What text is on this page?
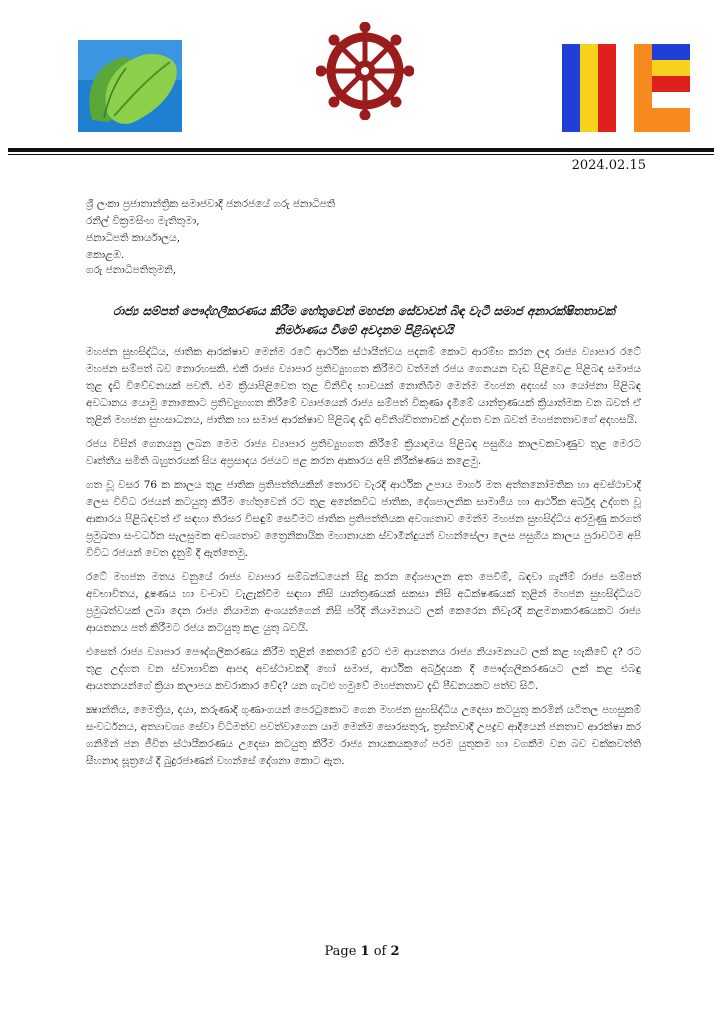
2024.02.15
ශ්‍රී ලංකා ප්‍රජාතාන්ත්‍රික සමාජවාදී ජනරජයේ ගරු ජනාධිපති
රනිල් වික්‍රමසිංහ මැතිතුමා,
ජනාධිපති කාර්යාලය,
කොළඹ.
ගරු ජනාධිපතිතුමනි,
රාජ්‍ය සම්පත් පෞද්ගලීකරණය කිරීම හේතුවෙන් මහජන සේවාවන් බිඳ වැටී සමාජ අනාරක්ෂිතතාවක් නිර්මාණය වීමේ අවදානම පිළිබඳවයි

මහජන සුභසිද්ධිය, ජාතික ආරක්ෂාව මෙන්ම රටේ ආර්ථික ස්ථායීත්වය පදනම් කොට ආරම්භ කරන ලද රාජ්‍ය ව්‍යාපාර රටේ මහජන සම්පත් බව නොරහසකි. එකී රාජ්‍ය ව්‍යාපාර ප්‍රතිව්‍යුහගත කිරීමට වත්මන් රජය ගෙනයන වැඩ පිළිවෙළ පිළිබඳ සමාජය තුළ දැඩි විවේචනයක් පවතී. එම ක්‍රියාපිළිවෙත තුළ විනිවිද භාවයක් නොතිබීම මෙන්ම මහජන අදහස් හා යෝජනා පිළිබඳ අවධානය යොමු නොකොට ප්‍රතිව්‍යුහගත කිරීමේ ව්‍යාජයෙන් රාජ්‍ය සම්පත් විකුණා දැමීමේ යාන්ත්‍රණයක් ක්‍රියාත්මක වන බවත් ඒ තුළින් මහජන සුභසාධනය, ජාතික හා සමාජ ආරක්ෂාව පිළිබඳ දැඩි අවිනිශ්චිතතාවක් උද්ගත වන බවත් මහජනතාවගේ අදහසයි.

රජය විසින් ගෙනයනු ලබන මෙම රාජ්‍ය ව්‍යාපාර ප්‍රතිව්‍යුහගත කිරීමේ ක්‍රියාදාමය පිළිබඳ පසුගිය කාලවකවාණුව තුළ මෙරට වෘත්තීය සමිති බහුතරයක් සිය අප්‍රසාදය රජයට පළ කරන ආකාරය අපි නිරීක්ෂණය කළෙමු.

ගත වූ වසර 76 ක කාලය තුළ ජාතික ප්‍රතිපත්තියකින් තොරව වැරදි ආර්ථික උපාය මාර්ග මත අත්තනෝමතික හා අවස්ථාවාදී ලෙස විවිධ රජයන් කටයුතු කිරීම හේතුවෙන් රට තුළ අනේකවිධ ජාතික, දේශපාලනික සාමාජීය හා ආර්ථික අර්බුද උද්ගත වූ ආකාරය පිළිබඳවත් ඒ සඳහා තිරසර විසඳුම් සෙවීමට ජාතික ප්‍රතිපත්තියක අවශ්‍යතාව මෙන්ම මහජන සුභසිද්ධිය අරමුණු කරගත් ප්‍රමුඛතා සංවර්ධන සැලසුමක අවශ්‍යතාව ත්‍රෛනිකායික මහානායක ස්වාමීන්දුයන් වහන්සේලා ලෙස පසුගිය කාලය පුරාවටම අපි විවිධ රජයන් වෙත දැනුම් දී ඇත්තෙමු.

රටේ මහජන මතය වනුයේ රාජ්‍ය ව්‍යාපාර සම්බන්ධයෙන් සිදු කරන දේශපාලන අත පෙවීම්, බඳවා ගැනීම් රාජ්‍ය සම්පත් අවභාවිතය, දූෂණය හා වංචාව වැළැක්වීම සඳහා නිසි යාන්ත්‍රණයක් සකසා නිසි අධීක්ෂණයක් තුළින් මහජන සුභසිද්ධියට ප්‍රමුඛත්වයක් ලබා දෙන රාජ්‍ය නියාමන අංශයන්ගෙන් නිසි පරිදි නියාමනයට ලක් කෙරෙන නිවැරදි කළමනාකරණයකට රාජ්‍ය ආයතනය පත් කිරීමට රජය කටයුතු කළ යුතු බවයි.

එසෙත් රාජ්‍ය ව්‍යාපාර පෞද්ගලීකරණය කිරීම තුළින් කෙතරම් දුරට එම ආයතනය රාජ්‍ය නියාමනයට ලක් කළ හැකිවේ ද? රට තුළ උද්ගත වන ස්වාභාවික ආපදා අවස්ථාවකදී හෝ සමාජ, ආර්ථික අර්බුදයක දී පෞද්ගලීකරණයට ලක් කළ එබඳු ආයතනයන්ගේ ක්‍රියා කලාපය කවරාකාර වේද? යන ගැටළු හමුවේ මහජනතාව දැඩි පීඩනයකට පත්ව සිටී.

ක්‍ෂාන්තිය, මෛත්‍රිය, දයා, කරුණාදි ගුණාංගයන් පෙරටුකොට ගෙන මහජන සුභසිද්ධිය උදෙසා කටයුතු කරමින් යටිතල පහසුකම් සංවර්ධනය, අත්‍යාවශ්‍ය සේවා විධිමත්ව පවත්වාගෙන යාම මෙන්ම සොරසතුරු, ත්‍රස්තවාදී උපද්‍රව ආදියෙන් ජනතාව ආරක්ෂා කර ගනිමින් ජන ජීවිත ස්ථායීකරණය උදෙසා කටයුතු කිරීම රාජ්‍ය නායකයකුගේ පරම යුතුකම හා වගකීම වන බව චක්කවත්ති සීහනාද සූත්‍රයේ දී බුදුරජාණන් වහන්සේ දේශනා කොට ඇත.

Page 1 of 2
